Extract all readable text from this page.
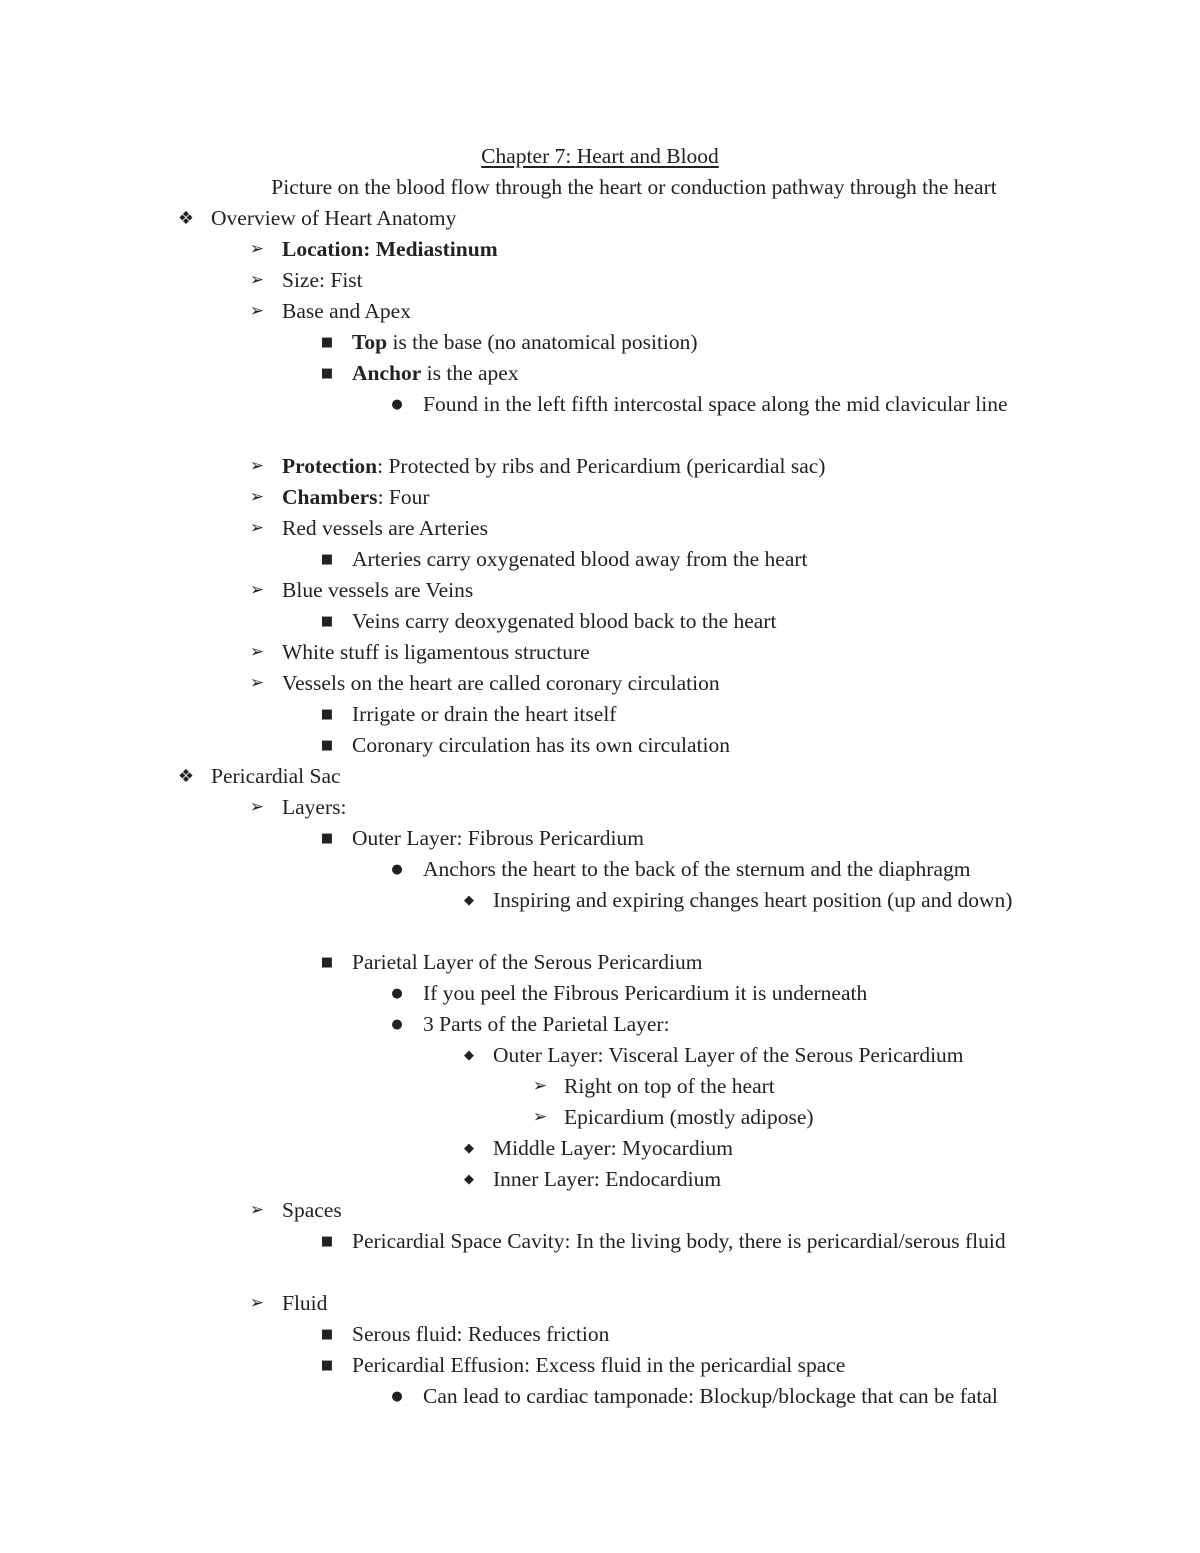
Chapter 7: Heart and Blood
Picture on the blood flow through the heart or conduction pathway through the heart
❖ Overview of Heart Anatomy
➢ Location: Mediastinum
➢ Size: Fist
➢ Base and Apex
■ Top is the base (no anatomical position)
■ Anchor is the apex
● Found in the left fifth intercostal space along the mid clavicular line
➢ Protection: Protected by ribs and Pericardium (pericardial sac)
➢ Chambers: Four
➢ Red vessels are Arteries
■ Arteries carry oxygenated blood away from the heart
➢ Blue vessels are Veins
■ Veins carry deoxygenated blood back to the heart
➢ White stuff is ligamentous structure
➢ Vessels on the heart are called coronary circulation
■ Irrigate or drain the heart itself
■ Coronary circulation has its own circulation
❖ Pericardial Sac
➢ Layers:
■ Outer Layer: Fibrous Pericardium
● Anchors the heart to the back of the sternum and the diaphragm
◆ Inspiring and expiring changes heart position (up and down)
■ Parietal Layer of the Serous Pericardium
● If you peel the Fibrous Pericardium it is underneath
● 3 Parts of the Parietal Layer:
◆ Outer Layer: Visceral Layer of the Serous Pericardium
➢ Right on top of the heart
➢ Epicardium (mostly adipose)
◆ Middle Layer: Myocardium
◆ Inner Layer: Endocardium
➢ Spaces
■ Pericardial Space Cavity: In the living body, there is pericardial/serous fluid
➢ Fluid
■ Serous fluid: Reduces friction
■ Pericardial Effusion: Excess fluid in the pericardial space
● Can lead to cardiac tamponade: Blockup/blockage that can be fatal
